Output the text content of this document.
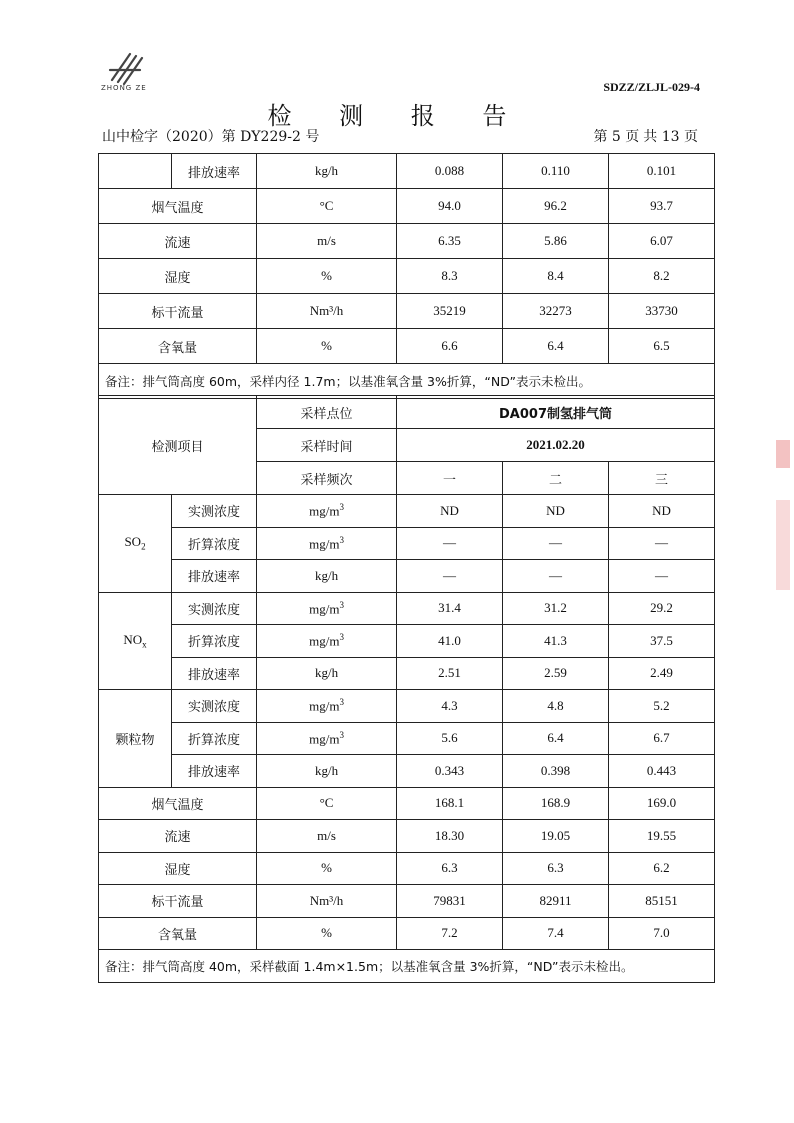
ZHONG ZE	SDZZ/ZLJL-029-4
检 测 报 告
山中检字（2020）第 DY229-2 号	第 5 页 共 13 页
	排放速率	kg/h	0.088	0.110	0.101
烟气温度		°C	94.0	96.2	93.7
流速		m/s	6.35	5.86	6.07
湿度		%	8.3	8.4	8.2
标干流量		Nm³/h	35219	32273	33730
含氧量		%	6.6	6.4	6.5
备注：排气筒高度 60m，采样内径 1.7m；以基准氧含量 3%折算，“ND”表示未检出。					
检测项目		采样点位	DA007制氢排气筒		
		采样时间	2021.02.20		
		采样频次	一	二	三
$SO_2$	实测浓度	$mg/m^3$	ND	ND	ND
	折算浓度	$mg/m^3$	—	—	—
	排放速率	kg/h	—	—	—
$NO_x$	实测浓度	$mg/m^3$	31.4	31.2	29.2
	折算浓度	$mg/m^3$	41.0	41.3	37.5
	排放速率	kg/h	2.51	2.59	2.49
颗粒物	实测浓度	$mg/m^3$	4.3	4.8	5.2
	折算浓度	$mg/m^3$	5.6	6.4	6.7
	排放速率	kg/h	0.343	0.398	0.443
烟气温度		°C	168.1	168.9	169.0
流速		m/s	18.30	19.05	19.55
湿度		%	6.3	6.3	6.2
标干流量		Nm³/h	79831	82911	85151
含氧量		%	7.2	7.4	7.0
备注：排气筒高度 40m，采样截面 1.4m×1.5m；以基准氧含量 3%折算，“ND”表示未检出。					
